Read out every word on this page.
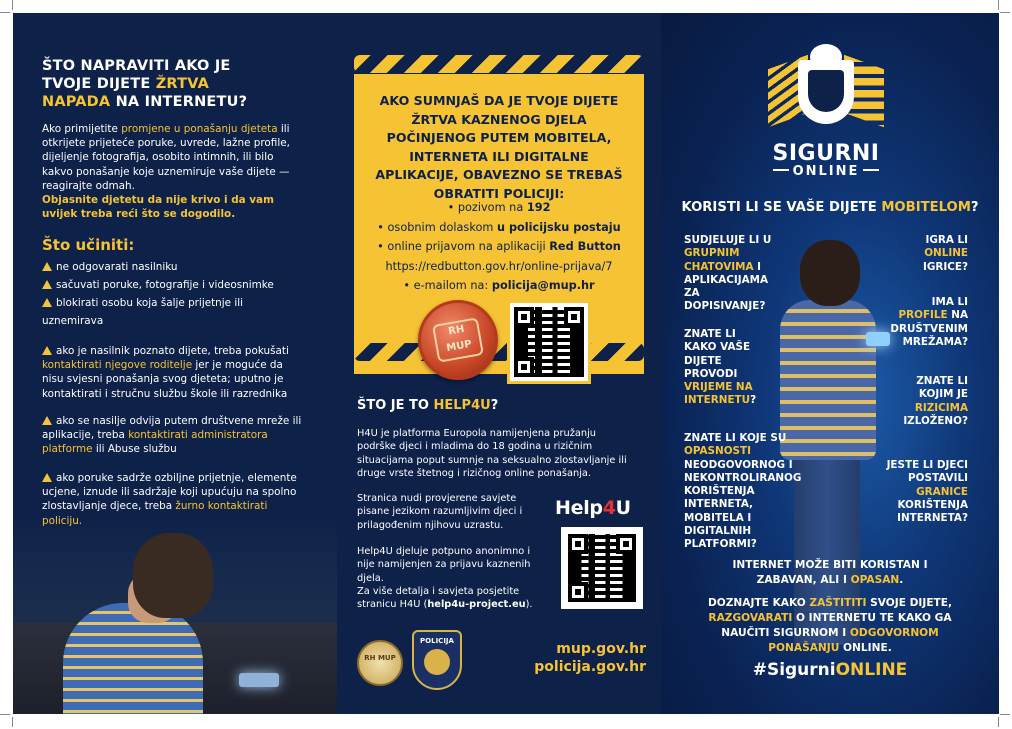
ŠTO NAPRAVITI AKO JE TVOJE DIJETE ŽRTVA NAPADA NA INTERNETU?
Ako primijetite promjene u ponašanju djeteta ili otkrijete prijeteće poruke, uvrede, lažne profile, dijeljenje fotografija, osobito intimnih, ili bilo kakvo ponašanje koje uznemiruje vaše dijete — reagirajte odmah.
Objasnite djetetu da nije krivo i da vam uvijek treba reći što se dogodilo.
Što učiniti:
ne odgovarati nasilniku
sačuvati poruke, fotografije i videosnimke
blokirati osobu koja šalje prijetnje ili uznemirava
ako je nasilnik poznato dijete, treba pokušati kontaktirati njegove roditelje jer je moguće da nisu svjesni ponašanja svog djeteta; uputno je kontaktirati i stručnu službu škole ili razrednika
ako se nasilje odvija putem društvene mreže ili aplikacije, treba kontaktirati administratora platforme ili Abuse službu
ako poruke sadrže ozbiljne prijetnje, elemente ucjene, iznude ili sadržaje koji upućuju na spolno zlostavljanje djece, treba žurno kontaktirati policiju.
AKO SUMNJAŠ DA JE TVOJE DIJETE ŽRTVA KAZNENOG DJELA POČINJENOG PUTEM MOBITELA, INTERNETA ILI DIGITALNE APLIKACIJE, OBAVEZNO SE TREBAŠ OBRATITI POLICIJI:
• pozivom na 192
• osobnim dolaskom u policijsku postaju
• online prijavom na aplikaciji Red Button
https://redbutton.gov.hr/online-prijava/7
• e-mailom na: policija@mup.hr
RH MUP
ŠTO JE TO HELP4U?
H4U je platforma Europola namijenjena pružanju podrške djeci i mladima do 18 godina u rizičnim situacijama poput sumnje na seksualno zlostavljanje ili druge vrste štetnog i rizičnog online ponašanja.
Stranica nudi provjerene savjete pisane jezikom razumljivim djeci i prilagođenim njihovu uzrastu.
Help4U djeluje potpuno anonimno i nije namijenjen za prijavu kaznenih djela.
Za više detalja i savjeta posjetite stranicu H4U (help4u-project.eu).
Help4U
RH MUP
POLICIJA	mup.gov.hr
policija.gov.hr
SIGURNI
ONLINE
KORISTI LI SE VAŠE DIJETE MOBITELOM?
SUDJELUJE LI U GRUPNIM CHATOVIMA I APLIKACIJAMA ZA DOPISIVANJE?
ZNATE LI KAKO VAŠE DIJETE PROVODI VRIJEME NA INTERNETU?
ZNATE LI KOJE SU OPASNOSTI NEODGOVORNOG I NEKONTROLIRANOG KORIŠTENJA INTERNETA, MOBITELA I DIGITALNIH PLATFORMI?
IGRA LI ONLINE IGRICE?
IMA LI PROFILE NA DRUŠTVENIM MREŽAMA?
ZNATE LI KOJIM JE RIZICIMA IZLOŽENO?
JESTE LI DJECI POSTAVILI GRANICE KORIŠTENJA INTERNETA?
INTERNET MOŽE BITI KORISTAN I ZABAVAN, ALI I OPASAN.
DOZNAJTE KAKO ZAŠTITITI SVOJE DIJETE, RAZGOVARATI O INTERNETU TE KAKO GA NAUČITI SIGURNOM I ODGOVORNOM PONAŠANJU ONLINE.
#SigurniONLINE
